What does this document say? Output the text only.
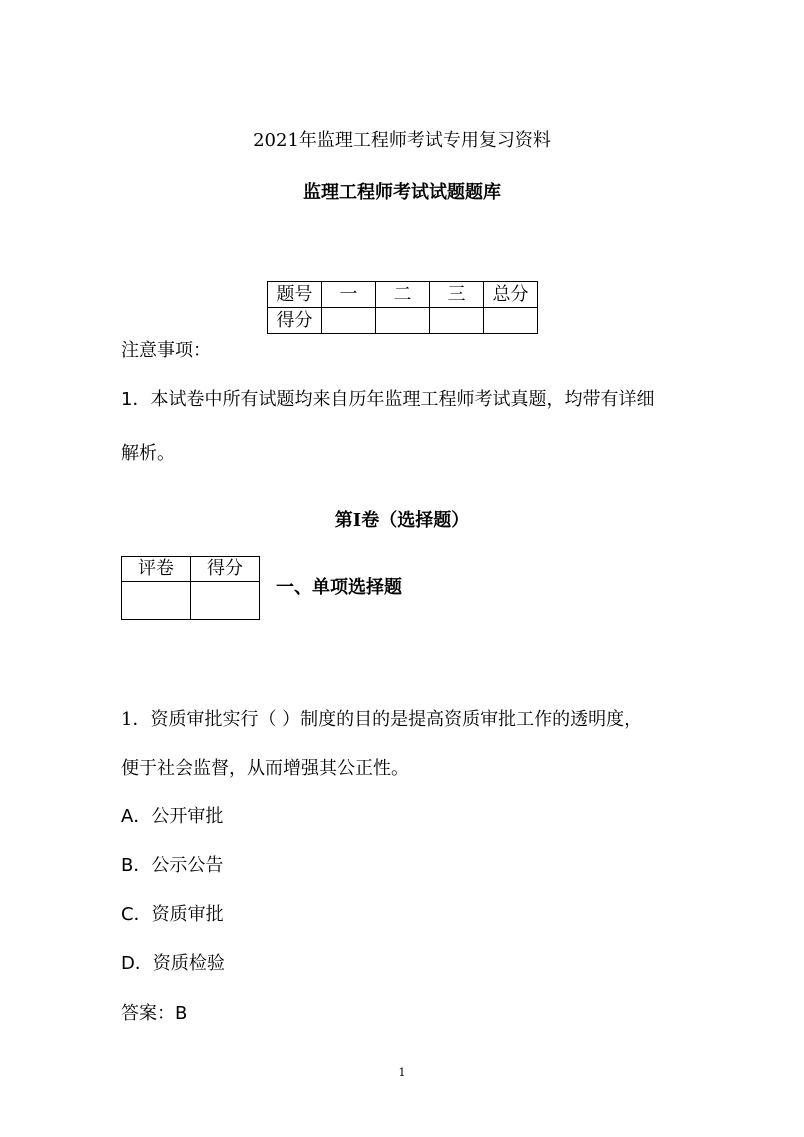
2021年监理工程师考试专用复习资料
监理工程师考试试题题库
题号	一	二	三	总分
得分				
注意事项：
1．本试卷中所有试题均来自历年监理工程师考试真题，均带有详细
解析。
第I卷（选择题）
评卷	得分

一、单项选择题
1．资质审批实行（ ）制度的目的是提高资质审批工作的透明度，
便于社会监督，从而增强其公正性。
A．公开审批
B．公示公告
C．资质审批
D．资质检验
答案：B
1
